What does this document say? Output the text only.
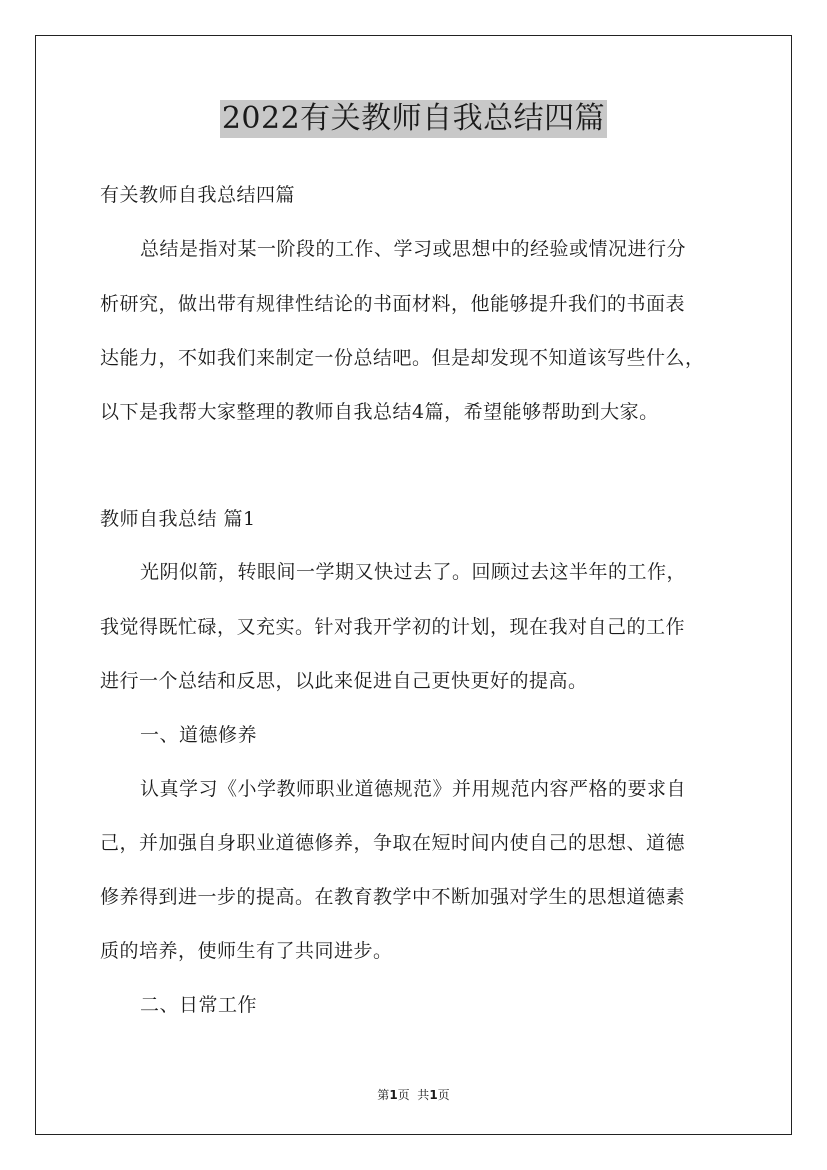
2022有关教师自我总结四篇
有关教师自我总结四篇
总结是指对某一阶段的工作、学习或思想中的经验或情况进行分
析研究，做出带有规律性结论的书面材料，他能够提升我们的书面表
达能力，不如我们来制定一份总结吧。但是却发现不知道该写些什么，
以下是我帮大家整理的教师自我总结4篇，希望能够帮助到大家。
教师自我总结 篇1
光阴似箭，转眼间一学期又快过去了。回顾过去这半年的工作，
我觉得既忙碌，又充实。针对我开学初的计划，现在我对自己的工作
进行一个总结和反思，以此来促进自己更快更好的提高。
一、道德修养
认真学习《小学教师职业道德规范》并用规范内容严格的要求自
己，并加强自身职业道德修养，争取在短时间内使自己的思想、道德
修养得到进一步的提高。在教育教学中不断加强对学生的思想道德素
质的培养，使师生有了共同进步。
二、日常工作
第1页  共1页
